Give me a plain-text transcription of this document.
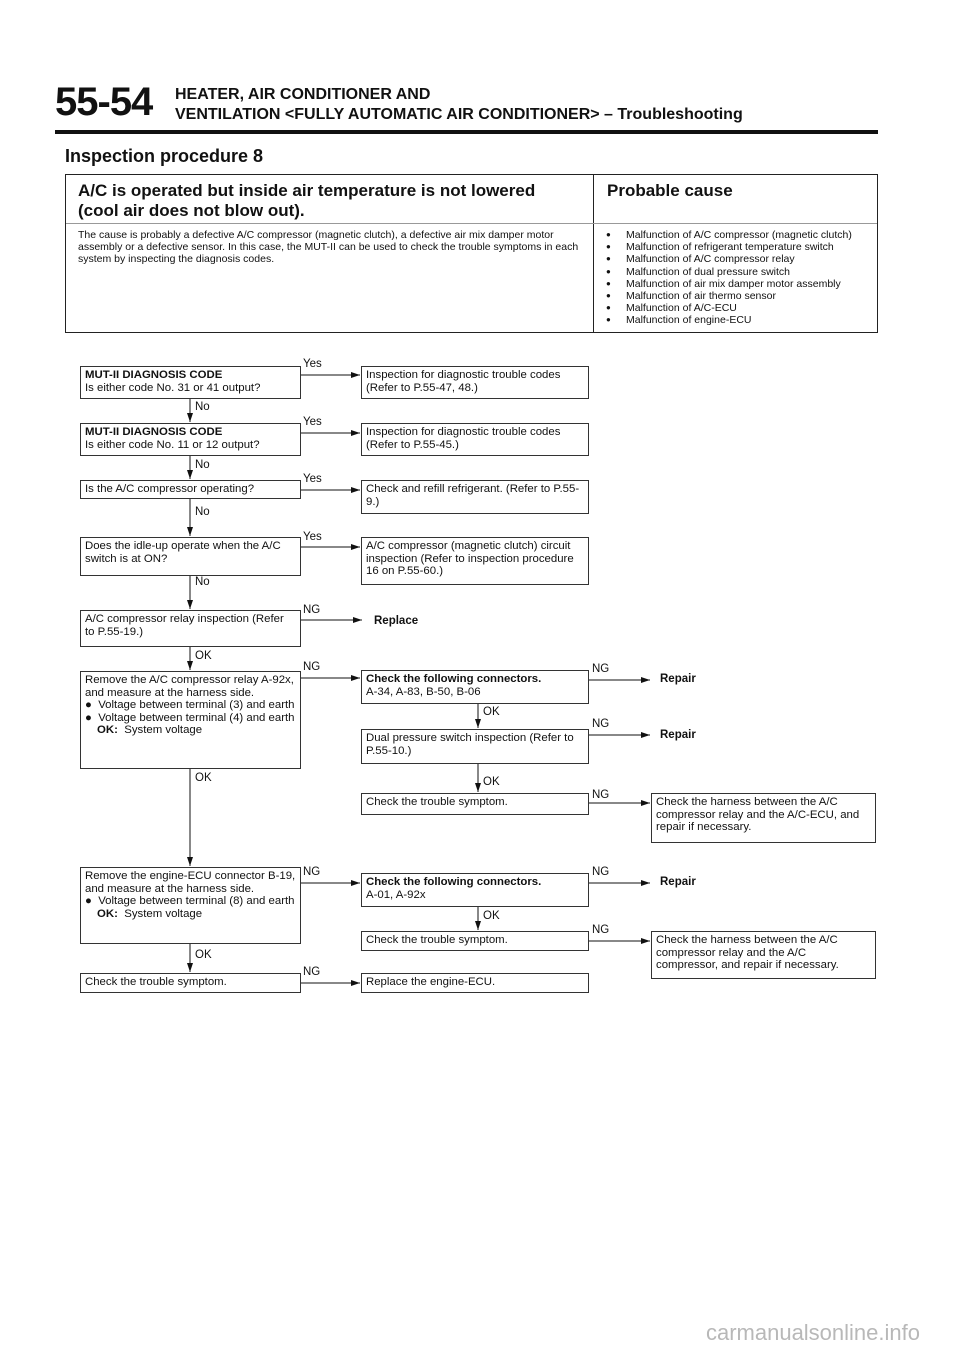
55-54 HEATER, AIR CONDITIONER AND
VENTILATION <FULLY AUTOMATIC AIR CONDITIONER> – Troubleshooting
Inspection procedure 8
A/C is operated but inside air temperature is not lowered (cool air does not blow out).
Probable cause
The cause is probably a defective A/C compressor (magnetic clutch), a defective air mix damper motor assembly or a defective sensor. In this case, the MUT-II can be used to check the trouble symptoms in each system by inspecting the diagnosis codes.
● Malfunction of A/C compressor (magnetic clutch)
● Malfunction of refrigerant temperature switch
● Malfunction of A/C compressor relay
● Malfunction of dual pressure switch
● Malfunction of air mix damper motor assembly
● Malfunction of air thermo sensor
● Malfunction of A/C-ECU
● Malfunction of engine-ECU
MUT-II DIAGNOSIS CODE
Is either code No. 31 or 41 output?
MUT-II DIAGNOSIS CODE
Is either code No. 11 or 12 output?
Is the A/C compressor operating?
Does the idle-up operate when the A/C switch is at ON?
A/C compressor relay inspection (Refer to P.55-19.)
Remove the A/C compressor relay A-92x, and measure at the harness side.
●  Voltage between terminal (3) and earth
●  Voltage between terminal (4) and earth
OK: System voltage
Remove the engine-ECU connector B-19, and measure at the harness side.
●  Voltage between terminal (8) and earth
OK: System voltage
Check the trouble symptom.
Inspection for diagnostic trouble codes (Refer to P.55-47, 48.)
Inspection for diagnostic trouble codes (Refer to P.55-45.)
Check and refill refrigerant. (Refer to P.55-9.)
A/C compressor (magnetic clutch) circuit inspection (Refer to inspection procedure 16 on P.55-60.)
Replace
Check the following connectors.
A-34, A-83, B-50, B-06
Dual pressure switch inspection (Refer to P.55-10.)
Check the trouble symptom.
Check the following connectors.
A-01, A-92x
Check the trouble symptom.
Replace the engine-ECU.
Repair
Repair
Check the harness between the A/C compressor relay and the A/C-ECU, and repair if necessary.
Repair
Check the harness between the A/C compressor relay and the A/C compressor, and repair if necessary.
Yes
Yes
Yes
Yes
No
No
No
No
NG
NG
NG
NG
NG
NG
NG
NG
NG
OK
OK
OK
OK
OK
OK
carmanualsonline.info
